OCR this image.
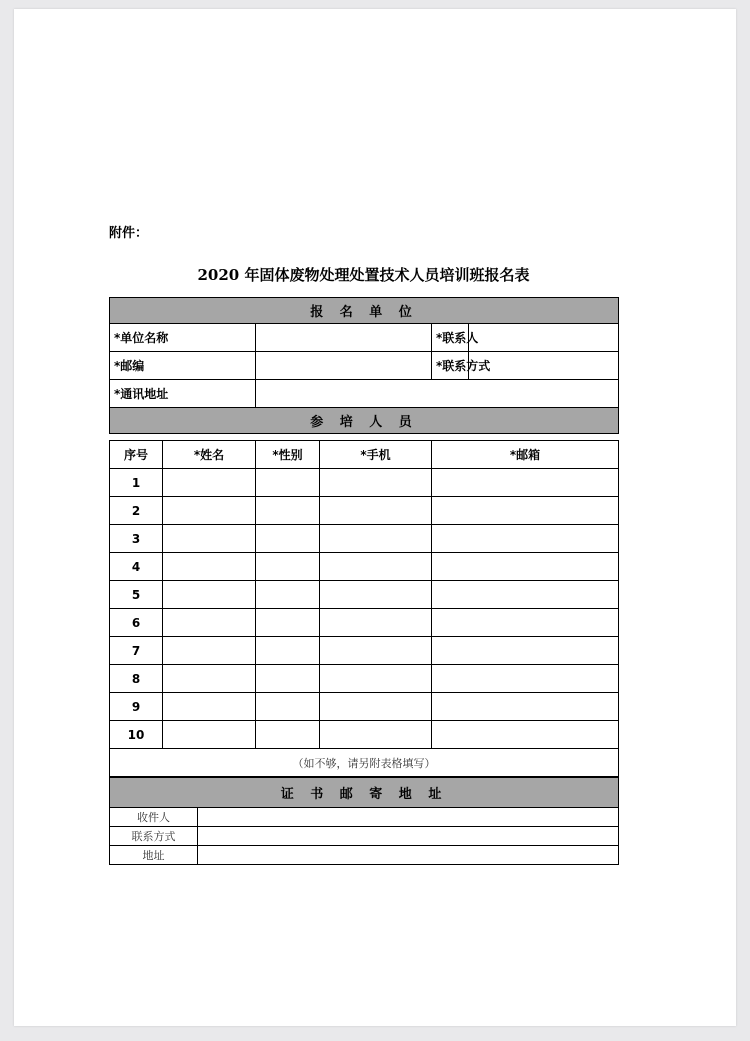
附件：
2020 年固体废物处理处置技术人员培训班报名表
报 名 单 位			
*单位名称		*联系人	
*邮编		*联系方式	
*通讯地址			
参 培 人 员			
序号	*姓名	*性别	*手机	*邮箱
1				
2				
3				
4				
5				
6				
7				
8				
9				
10				
（如不够，请另附表格填写）				
证 书 邮 寄 地 址	
收件人	
联系方式	
地址	
